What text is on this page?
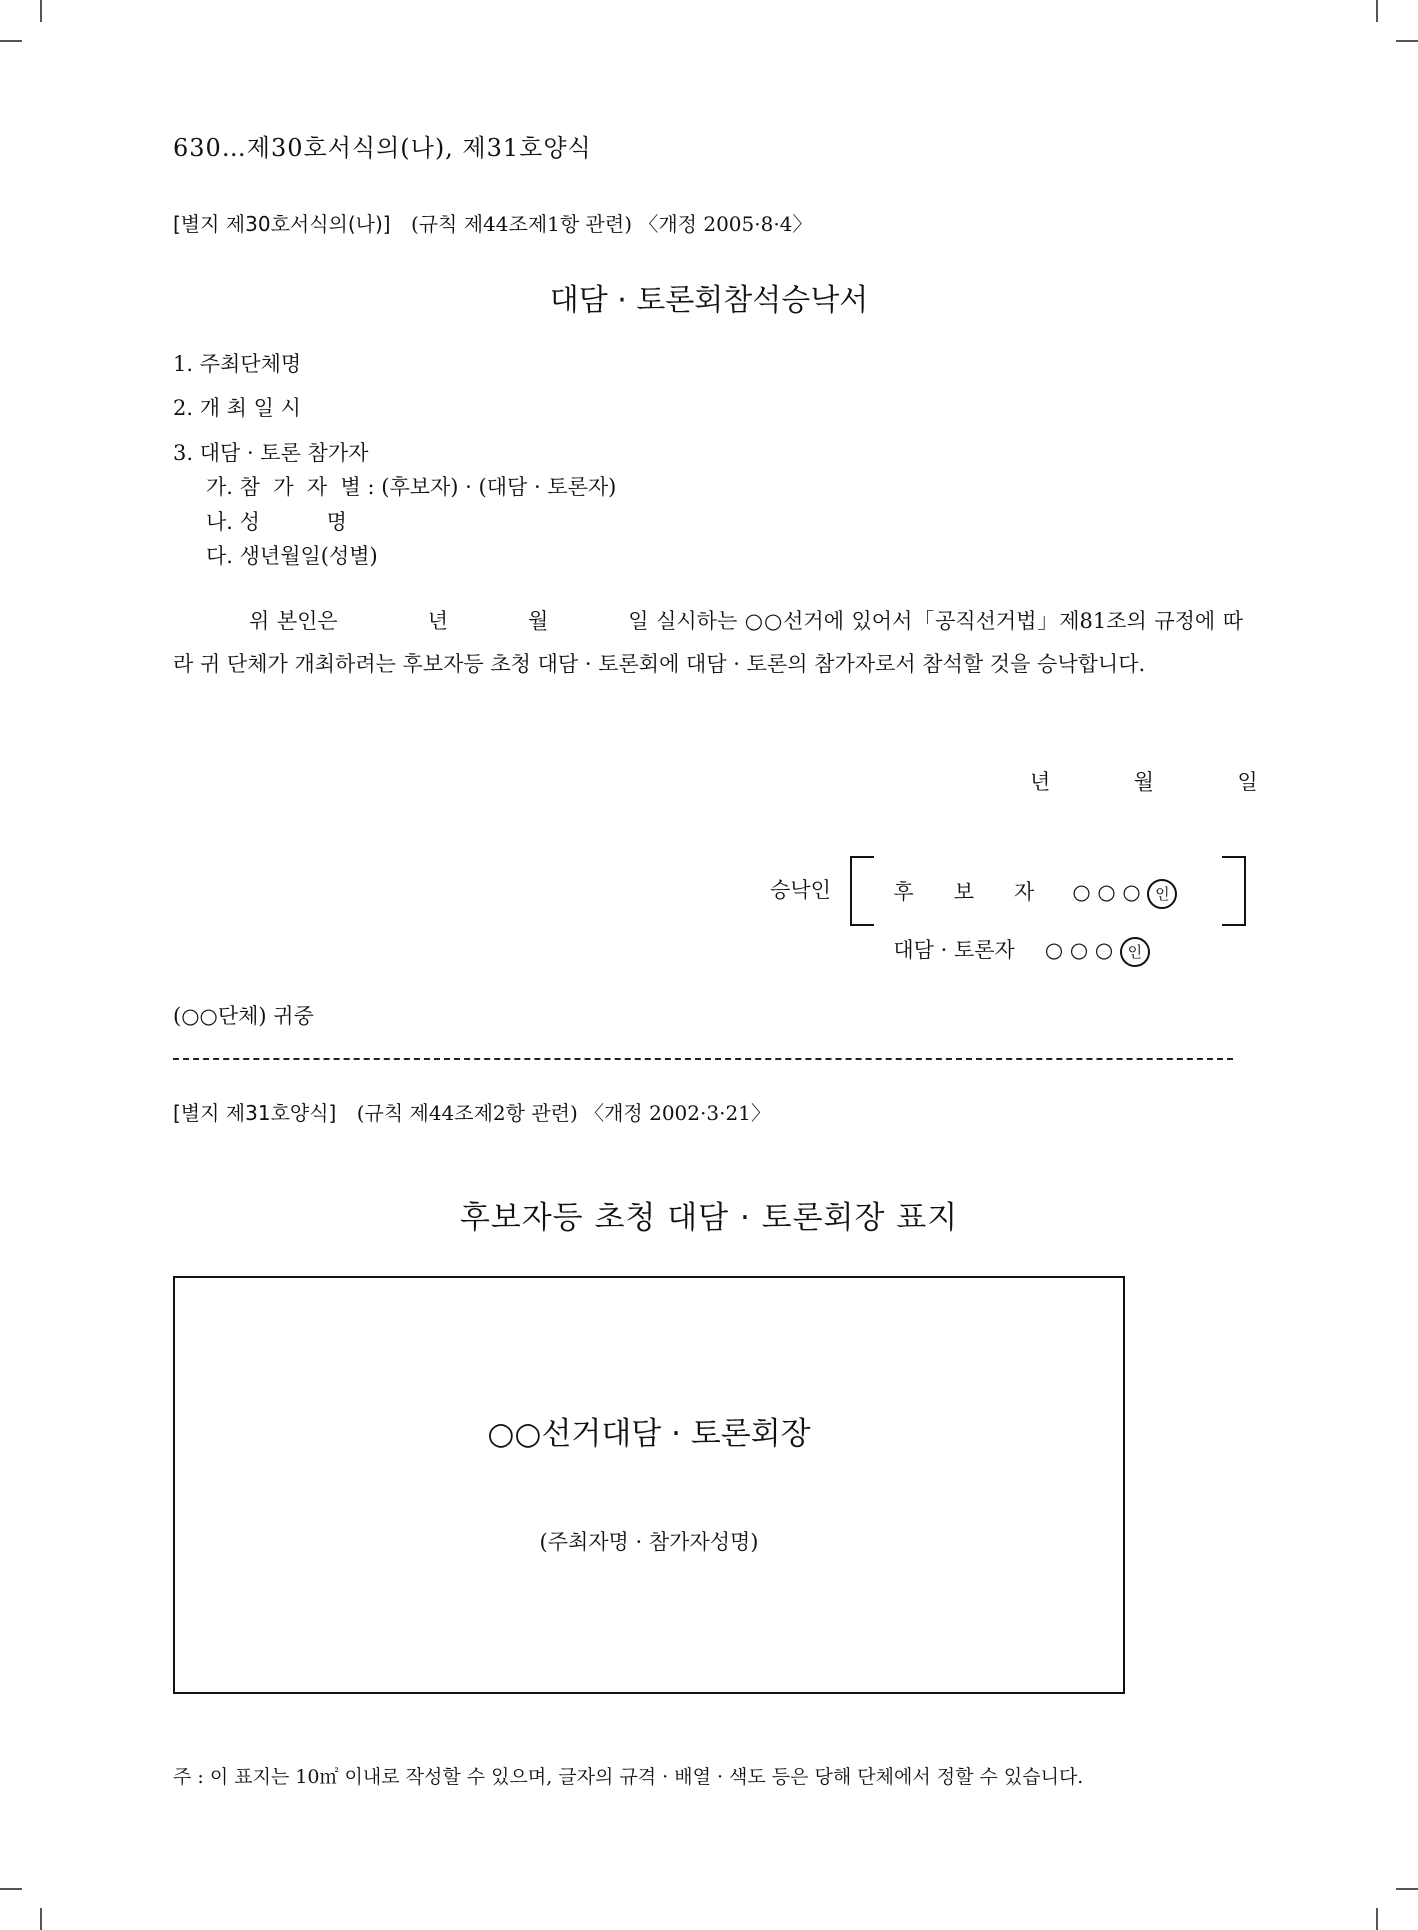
630…제30호서식의(나), 제31호양식
[별지 제30호서식의(나)] (규칙 제44조제1항 관련) 〈개정 2005·8·4〉
대담 · 토론회참석승낙서
1. 주최단체명
2. 개 최 일 시
3. 대담 · 토론 참가자
가. 참  가  자  별 : (후보자) · (대담 · 토론자)
나. 성          명
다. 생년월일(성별)
위 본인은	년	월	일 실시하는 ○○선거에 있어서「공직선거법」제81조의 규정에 따라 귀 단체가 개최하려는 후보자등 초청 대담 · 토론회에 대담 · 토론의 참가자로서 참석할 것을 승낙합니다.
년	월	일
승낙인	후      보      자 ○ ○ ○ 인

대담 · 토론자 ○ ○ ○ 인

(○○단체) 귀중
[별지 제31호양식] (규칙 제44조제2항 관련) 〈개정 2002·3·21〉
후보자등 초청 대담 · 토론회장 표지
○○선거대담 · 토론회장
(주최자명 · 참가자성명)
주 : 이 표지는 10㎡ 이내로 작성할 수 있으며, 글자의 규격 · 배열 · 색도 등은 당해 단체에서 정할 수 있습니다.
